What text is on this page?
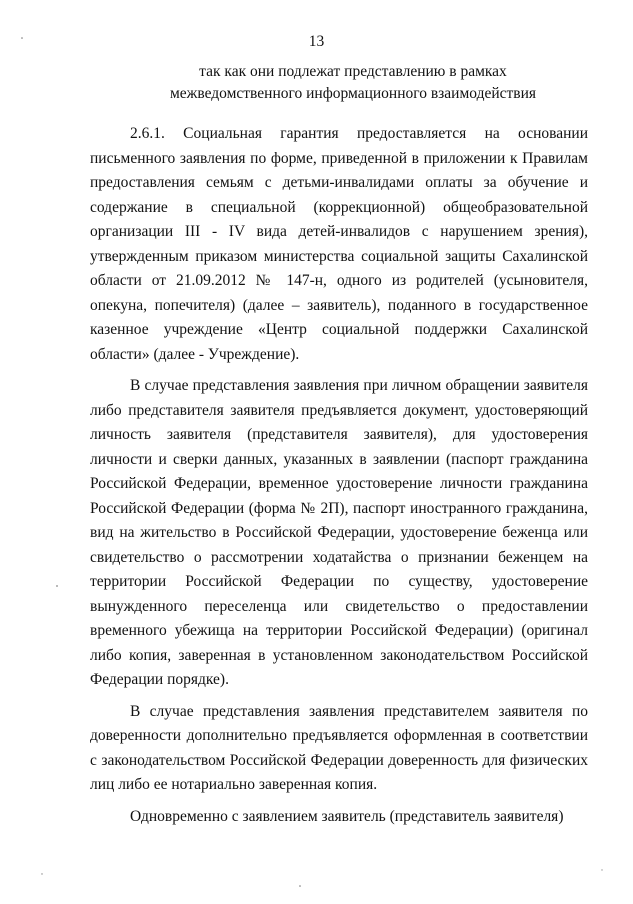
13
так как они подлежат представлению в рамках
межведомственного информационного взаимодействия

2.6.1. Социальная гарантия предоставляется на основании письменного заявления по форме, приведенной в приложении к Правилам предоставления семьям с детьми-инвалидами оплаты за обучение и содержание в специальной (коррекционной) общеобразовательной организации III - IV вида детей-инвалидов с нарушением зрения), утвержденным приказом министерства социальной защиты Сахалинской области от 21.09.2012 № 147-н, одного из родителей (усыновителя, опекуна, попечителя) (далее – заявитель), поданного в государственное казенное учреждение «Центр социальной поддержки Сахалинской области» (далее - Учреждение).

В случае представления заявления при личном обращении заявителя либо представителя заявителя предъявляется документ, удостоверяющий личность заявителя (представителя заявителя), для удостоверения личности и сверки данных, указанных в заявлении (паспорт гражданина Российской Федерации, временное удостоверение личности гражданина Российской Федерации (форма № 2П), паспорт иностранного гражданина, вид на жительство в Российской Федерации, удостоверение беженца или свидетельство о рассмотрении ходатайства о признании беженцем на территории Российской Федерации по существу, удостоверение вынужденного переселенца или свидетельство о предоставлении временного убежища на территории Российской Федерации) (оригинал либо копия, заверенная в установленном законодательством Российской Федерации порядке).

В случае представления заявления представителем заявителя по доверенности дополнительно предъявляется оформленная в соответствии с законодательством Российской Федерации доверенность для физических лиц либо ее нотариально заверенная копия.

Одновременно с заявлением заявитель (представитель заявителя)
